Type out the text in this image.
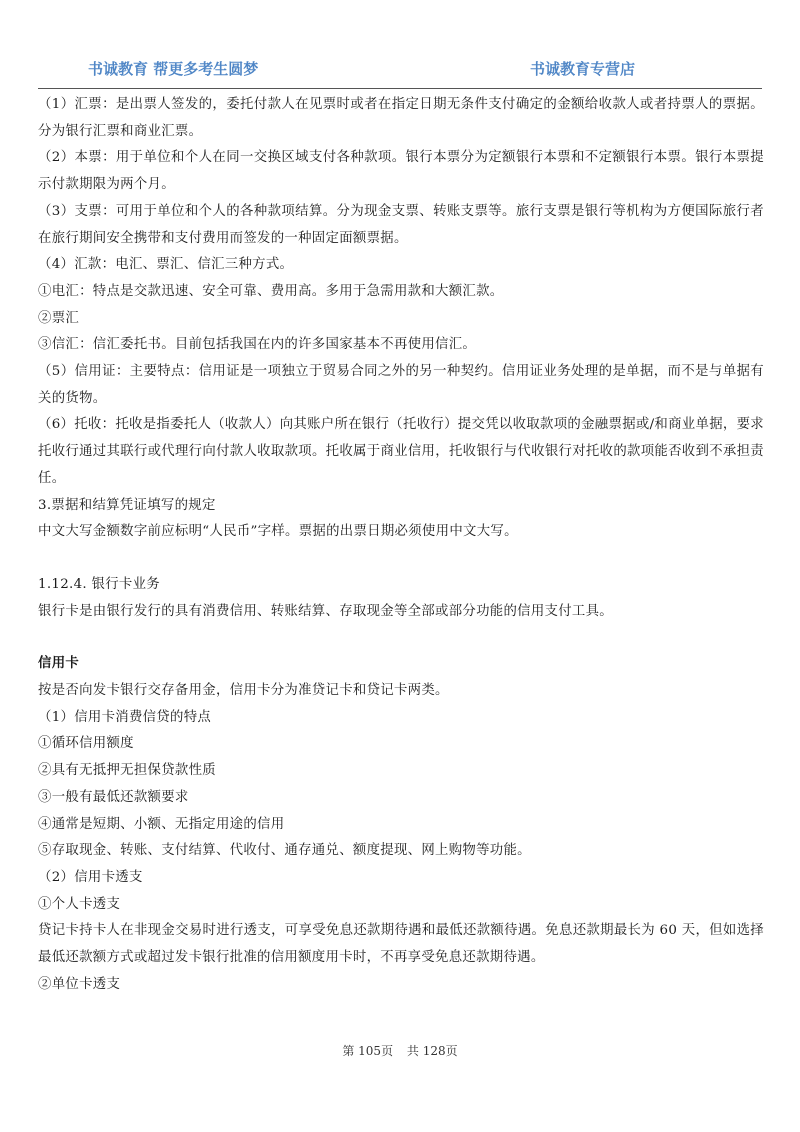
书诚教育 帮更多考生圆梦	书诚教育专营店

（1）汇票：是出票人签发的，委托付款人在见票时或者在指定日期无条件支付确定的金额给收款人或者持票人的票据。分为银行汇票和商业汇票。

（2）本票：用于单位和个人在同一交换区域支付各种款项。银行本票分为定额银行本票和不定额银行本票。银行本票提示付款期限为两个月。

（3）支票：可用于单位和个人的各种款项结算。分为现金支票、转账支票等。旅行支票是银行等机构为方便国际旅行者在旅行期间安全携带和支付费用而签发的一种固定面额票据。

（4）汇款：电汇、票汇、信汇三种方式。

①电汇：特点是交款迅速、安全可靠、费用高。多用于急需用款和大额汇款。

②票汇

③信汇：信汇委托书。目前包括我国在内的许多国家基本不再使用信汇。

（5）信用证：主要特点：信用证是一项独立于贸易合同之外的另一种契约。信用证业务处理的是单据，而不是与单据有关的货物。

（6）托收：托收是指委托人（收款人）向其账户所在银行（托收行）提交凭以收取款项的金融票据或/和商业单据，要求托收行通过其联行或代理行向付款人收取款项。托收属于商业信用，托收银行与代收银行对托收的款项能否收到不承担责任。

3.票据和结算凭证填写的规定

中文大写金额数字前应标明“人民币”字样。票据的出票日期必须使用中文大写。

1.12.4. 银行卡业务

银行卡是由银行发行的具有消费信用、转账结算、存取现金等全部或部分功能的信用支付工具。

信用卡

按是否向发卡银行交存备用金，信用卡分为准贷记卡和贷记卡两类。

（1）信用卡消费信贷的特点

①循环信用额度

②具有无抵押无担保贷款性质

③一般有最低还款额要求

④通常是短期、小额、无指定用途的信用

⑤存取现金、转账、支付结算、代收付、通存通兑、额度提现、网上购物等功能。

（2）信用卡透支

①个人卡透支

贷记卡持卡人在非现金交易时进行透支，可享受免息还款期待遇和最低还款额待遇。免息还款期最长为 60 天，但如选择最低还款额方式或超过发卡银行批准的信用额度用卡时，不再享受免息还款期待遇。

②单位卡透支

第 105页 共 128页
